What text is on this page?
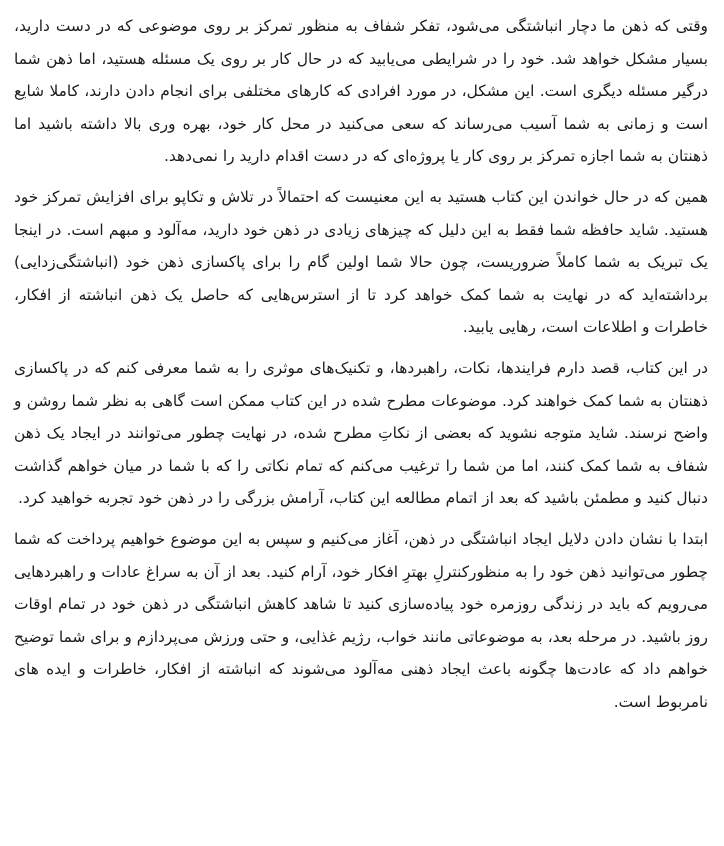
وقتی که ذهن ما دچار انباشتگی می‌شود، تفکر شفاف به منظور تمرکز بر روی موضوعی که در دست دارید، بسیار مشکل خواهد شد. خود را در شرایطی می‌یابید که در حال کار بر روی یک مسئله هستید، اما ذهن شما درگیر مسئله دیگری است. این مشکل، در مورد افرادی که کارهای مختلفی برای انجام دادن دارند، کاملا شایع است و زمانی به شما آسیب می‌رساند که سعی می‌کنید در محل کار خود، بهره وری بالا داشته باشید اما ذهنتان به شما اجازه تمرکز بر روی کار یا پروژه‌ای که در دست اقدام دارید را نمی‌دهد.

همین که در حال خواندن این کتاب هستید به این معنیست که احتمالاً در تلاش و تکاپو برای افزایش تمرکز خود هستید. شاید حافظه شما فقط به این دلیل که چیزهای زیادی در ذهن خود دارید، مه‌آلود و مبهم است. در اینجا یک تبریک به شما کاملاً ضروریست، چون حالا شما اولین گام را برای پاکسازی ذهن خود (انباشتگی‌زدایی) برداشته‌اید که در نهایت به شما کمک خواهد کرد تا از استرس‌هایی که حاصل یک ذهن انباشته از افکار، خاطرات و اطلاعات است، رهایی یابید.

در این کتاب، قصد دارم فرایندها، نکات، راهبردها، و تکنیک‌های موثری را به شما معرفی کنم که در پاکسازی ذهنتان به شما کمک خواهند کرد. موضوعات مطرح شده در این کتاب ممکن است گاهی به نظر شما روشن و واضح نرسند. شاید متوجه نشوید که بعضی از نکاتِ مطرح شده، در نهایت چطور می‌توانند در ایجاد یک ذهن شفاف به شما کمک کنند، اما من شما را ترغیب می‌کنم که تمام نکاتی را که با شما در میان خواهم گذاشت دنبال کنید و مطمئن باشید که بعد از اتمام مطالعه این کتاب، آرامش بزرگی را در ذهن خود تجربه خواهید کرد.

ابتدا با نشان دادن دلایل ایجاد انباشتگی در ذهن، آغاز می‌کنیم و سپس به این موضوع خواهیم پرداخت که شما چطور می‌توانید ذهن خود را به منظورکنترلِ بهترِ افکار خود، آرام کنید. بعد از آن به سراغ عادات و راهبردهایی می‌رویم که باید در زندگی روزمره خود پیاده‌سازی کنید تا شاهد کاهش انباشتگی در ذهن خود در تمام اوقات روز باشید. در مرحله بعد، به موضوعاتی مانند خواب، رژیم غذایی، و حتی ورزش می‌پردازم و برای شما توضیح خواهم داد که عادت‌ها چگونه باعث ایجاد ذهنی مه‌آلود می‌شوند که انباشته از افکار، خاطرات و ایده های نامربوط است.
